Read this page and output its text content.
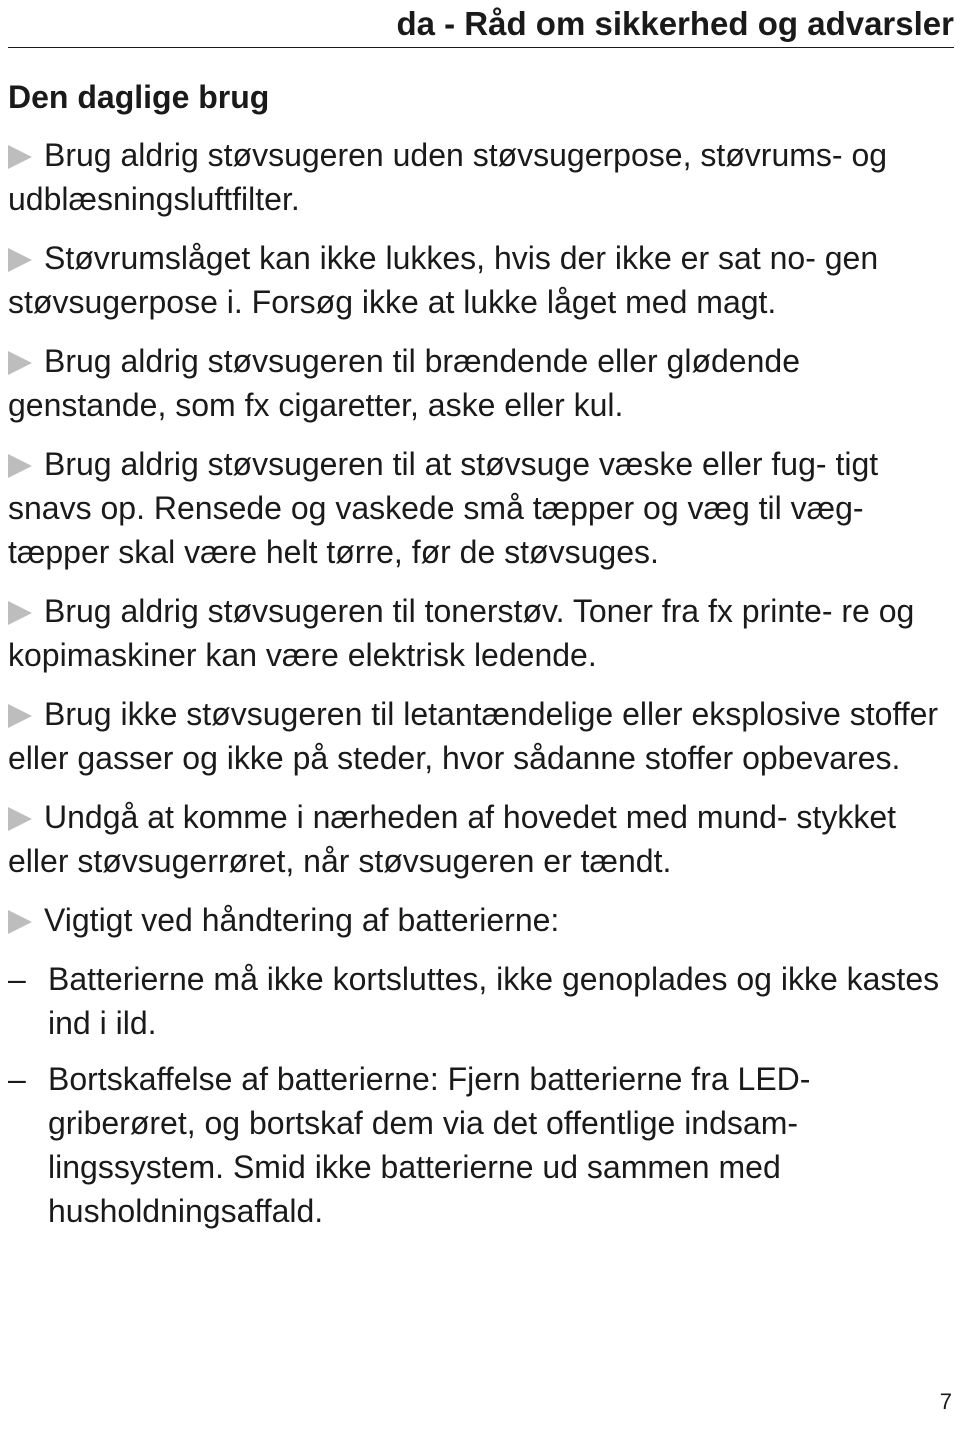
da - Råd om sikkerhed og advarsler
Den daglige brug

Brug aldrig støvsugeren uden støvsugerpose, støvrums- og udblæsningsluftfilter.

Støvrumslåget kan ikke lukkes, hvis der ikke er sat no- gen støvsugerpose i. Forsøg ikke at lukke låget med magt.

Brug aldrig støvsugeren til brændende eller glødende genstande, som fx cigaretter, aske eller kul.

Brug aldrig støvsugeren til at støvsuge væske eller fug- tigt snavs op. Rensede og vaskede små tæpper og væg til væg-tæpper skal være helt tørre, før de støvsuges.

Brug aldrig støvsugeren til tonerstøv. Toner fra fx printe- re og kopimaskiner kan være elektrisk ledende.

Brug ikke støvsugeren til letantændelige eller eksplosive stoffer eller gasser og ikke på steder, hvor sådanne stoffer opbevares.

Undgå at komme i nærheden af hovedet med mund- stykket eller støvsugerrøret, når støvsugeren er tændt.

Vigtigt ved håndtering af batterierne:

– Batterierne må ikke kortsluttes, ikke genoplades og ikke kastes ind i ild.

– Bortskaffelse af batterierne: Fjern batterierne fra LED- griberøret, og bortskaf dem via det offentlige indsam- lingssystem. Smid ikke batterierne ud sammen med husholdningsaffald.

7
